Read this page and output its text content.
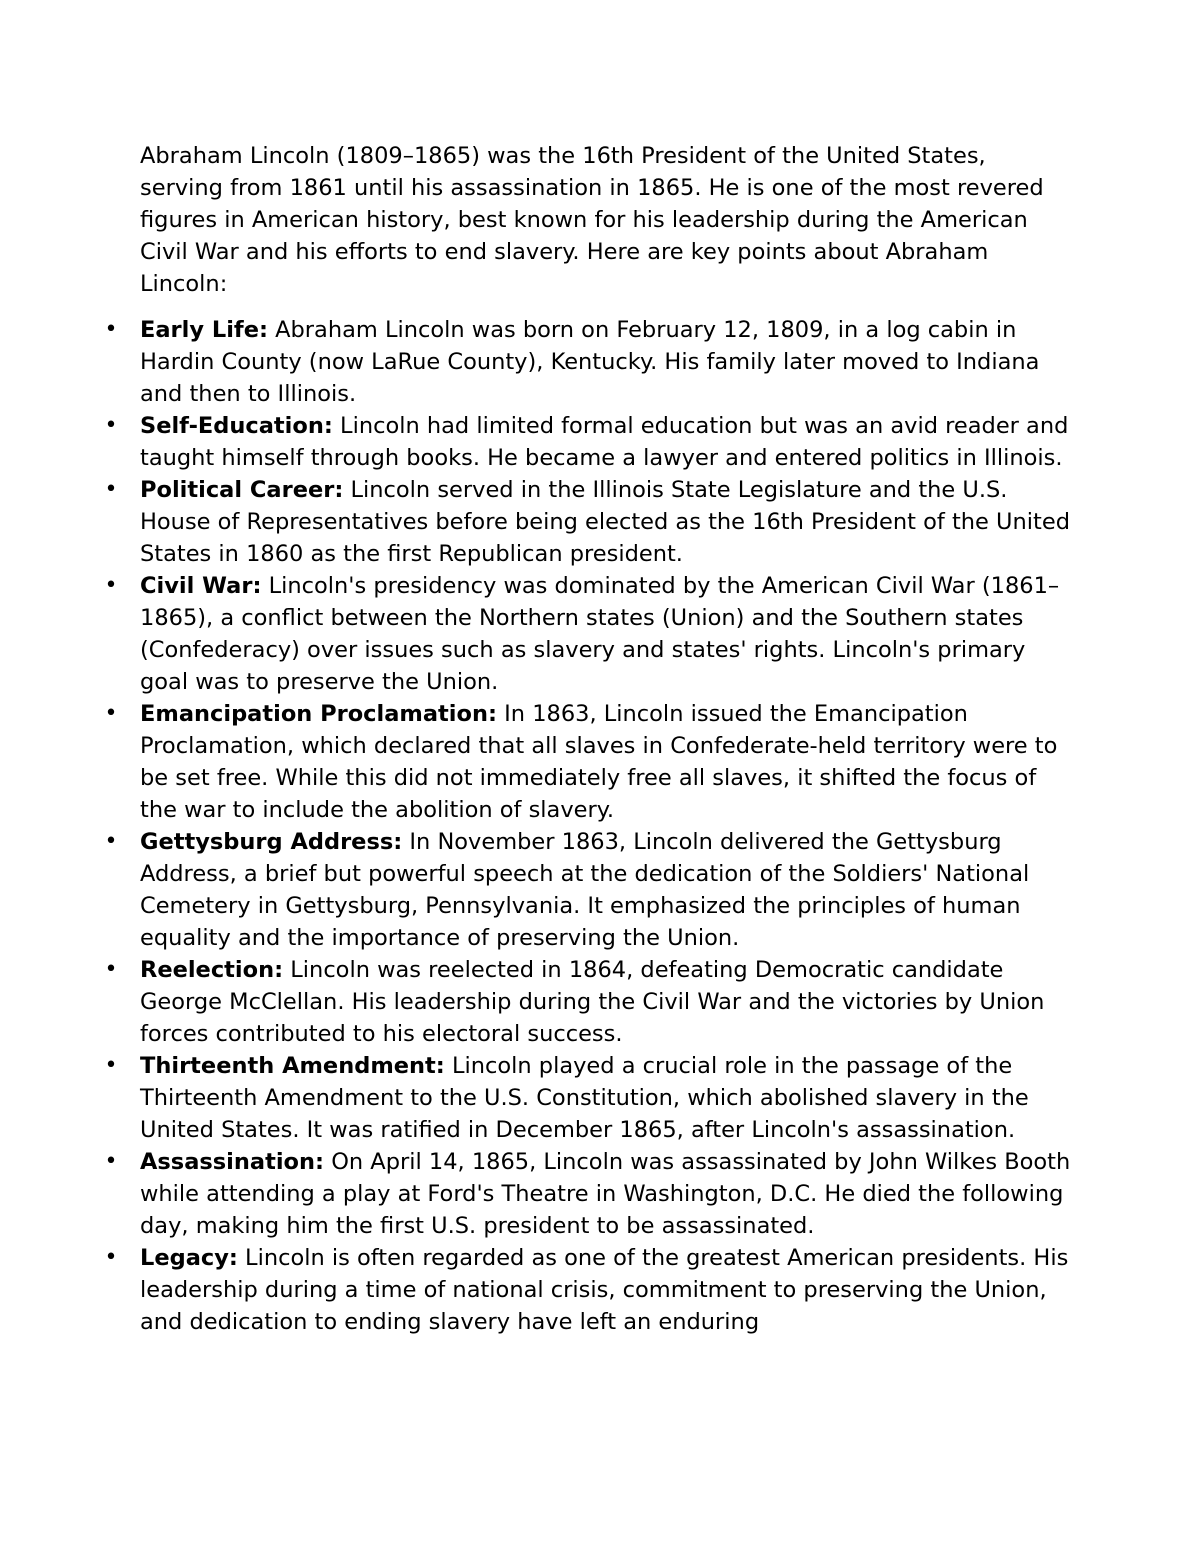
Abraham Lincoln (1809–1865) was the 16th President of the United States, serving from 1861 until his assassination in 1865. He is one of the most revered figures in American history, best known for his leadership during the American Civil War and his efforts to end slavery. Here are key points about Abraham Lincoln:

• Early Life: Abraham Lincoln was born on February 12, 1809, in a log cabin in Hardin County (now LaRue County), Kentucky. His family later moved to Indiana and then to Illinois.
• Self-Education: Lincoln had limited formal education but was an avid reader and taught himself through books. He became a lawyer and entered politics in Illinois.
• Political Career: Lincoln served in the Illinois State Legislature and the U.S. House of Representatives before being elected as the 16th President of the United States in 1860 as the first Republican president.
• Civil War: Lincoln's presidency was dominated by the American Civil War (1861–1865), a conflict between the Northern states (Union) and the Southern states (Confederacy) over issues such as slavery and states' rights. Lincoln's primary goal was to preserve the Union.
• Emancipation Proclamation: In 1863, Lincoln issued the Emancipation Proclamation, which declared that all slaves in Confederate-held territory were to be set free. While this did not immediately free all slaves, it shifted the focus of the war to include the abolition of slavery.
• Gettysburg Address: In November 1863, Lincoln delivered the Gettysburg Address, a brief but powerful speech at the dedication of the Soldiers' National Cemetery in Gettysburg, Pennsylvania. It emphasized the principles of human equality and the importance of preserving the Union.
• Reelection: Lincoln was reelected in 1864, defeating Democratic candidate George McClellan. His leadership during the Civil War and the victories by Union forces contributed to his electoral success.
• Thirteenth Amendment: Lincoln played a crucial role in the passage of the Thirteenth Amendment to the U.S. Constitution, which abolished slavery in the United States. It was ratified in December 1865, after Lincoln's assassination.
• Assassination: On April 14, 1865, Lincoln was assassinated by John Wilkes Booth while attending a play at Ford's Theatre in Washington, D.C. He died the following day, making him the first U.S. president to be assassinated.
• Legacy: Lincoln is often regarded as one of the greatest American presidents. His leadership during a time of national crisis, commitment to preserving the Union, and dedication to ending slavery have left an enduring
